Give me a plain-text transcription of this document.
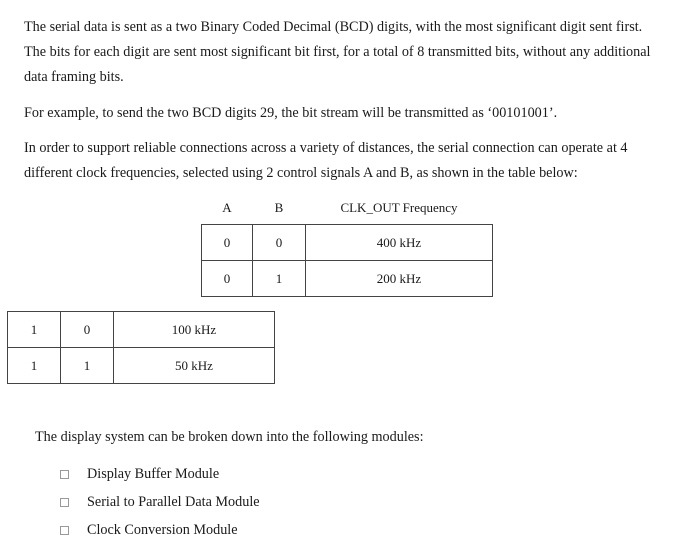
The serial data is sent as a two Binary Coded Decimal (BCD) digits, with the most significant digit sent first. The bits for each digit are sent most significant bit first, for a total of 8 transmitted bits, without any additional data framing bits.

For example, to send the two BCD digits 29, the bit stream will be transmitted as ‘00101001’.

In order to support reliable connections across a variety of distances, the serial connection can operate at 4 different clock frequencies, selected using 2 control signals A and B, as shown in the table below:

A	B	CLK_OUT Frequency
0	0	400 kHz
0	1	200 kHz
1	0	100 kHz
1	1	50 kHz

The display system can be broken down into the following modules:

Display Buffer Module
Serial to Parallel Data Module
Clock Conversion Module
